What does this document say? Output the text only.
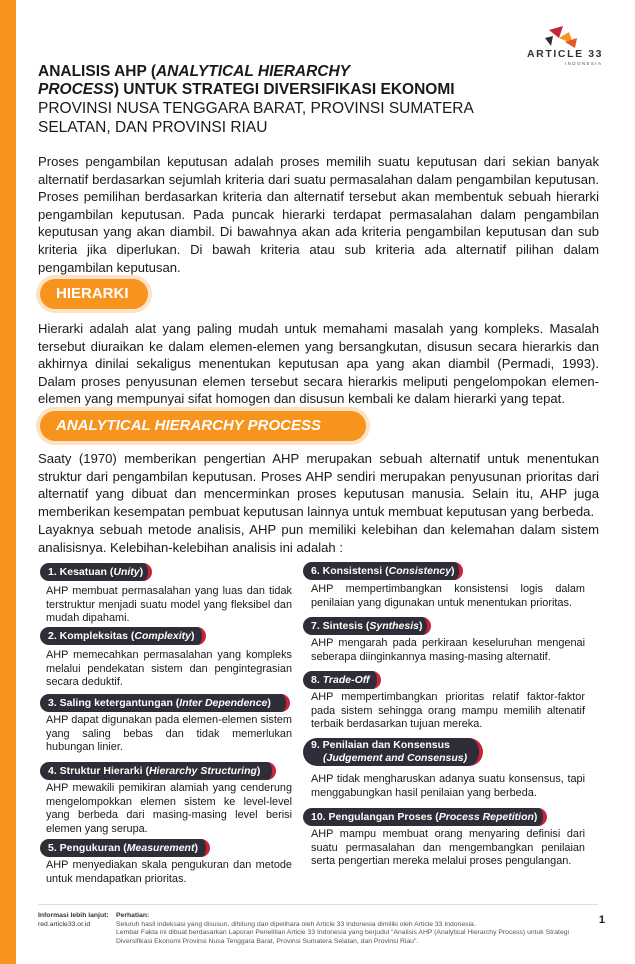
ARTICLE 33
INDONESIA
ANALISIS AHP (ANALYTICAL HIERARCHY
PROCESS) UNTUK STRATEGI DIVERSIFIKASI EKONOMI
PROVINSI NUSA TENGGARA BARAT, PROVINSI SUMATERA
SELATAN, DAN PROVINSI RIAU

Proses pengambilan keputusan adalah proses memilih suatu keputusan dari sekian banyak alternatif berdasarkan sejumlah kriteria dari suatu permasalahan dalam pengambilan keputusan. Proses pemilihan berdasarkan kriteria dan alternatif tersebut akan membentuk sebuah hierarki pengambilan keputusan. Pada puncak hierarki terdapat permasalahan dalam pengambilan keputusan yang akan diambil. Di bawahnya akan ada kriteria pengambilan keputusan dan sub kriteria jika diperlukan. Di bawah kriteria atau sub kriteria ada alternatif pilihan dalam pengambilan keputusan.

HIERARKI

Hierarki adalah alat yang paling mudah untuk memahami masalah yang kompleks. Masalah tersebut diuraikan ke dalam elemen-elemen yang bersangkutan, disusun secara hierarkis dan akhirnya dinilai sekaligus menentukan keputusan apa yang akan diambil (Permadi, 1993). Dalam proses penyusunan elemen tersebut secara hierarkis meliputi pengelompokan elemen-elemen yang mempunyai sifat homogen dan disusun kembali ke dalam hierarki yang tepat.

ANALYTICAL HIERARCHY PROCESS

Saaty (1970) memberikan pengertian AHP merupakan sebuah alternatif untuk menentukan struktur dari pengambilan keputusan. Proses AHP sendiri merupakan penyusunan prioritas dari alternatif yang dibuat dan mencerminkan proses keputusan manusia. Selain itu, AHP juga memberikan kesempatan pembuat keputusan lainnya untuk membuat keputusan yang berbeda.

Layaknya sebuah metode analisis, AHP pun memiliki kelebihan dan kelemahan dalam sistem analisisnya. Kelebihan-kelebihan analisis ini adalah :

1. Kesatuan (Unity)

AHP membuat permasalahan yang luas dan tidak terstruktur menjadi suatu model yang fleksibel dan mudah dipahami.

2. Kompleksitas (Complexity)

AHP memecahkan permasalahan yang kompleks melalui pendekatan sistem dan pengintegrasian secara deduktif.

3. Saling ketergantungan (Inter Dependence)

AHP dapat digunakan pada elemen-elemen sistem yang saling bebas dan tidak memerlukan hubungan linier.

4. Struktur Hierarki (Hierarchy Structuring)

AHP mewakili pemikiran alamiah yang cenderung mengelompokkan elemen sistem ke level-level yang berbeda dari masing-masing level berisi elemen yang serupa.

5. Pengukuran (Measurement)

AHP menyediakan skala pengukuran dan metode untuk mendapatkan prioritas.

6. Konsistensi (Consistency)

AHP mempertimbangkan konsistensi logis dalam penilaian yang digunakan untuk menentukan prioritas.

7. Sintesis (Synthesis)

AHP mengarah pada perkiraan keseluruhan mengenai seberapa diinginkannya masing-masing alternatif.

8. Trade-Off

AHP mempertimbangkan prioritas relatif faktor-faktor pada sistem sehingga orang mampu memilih altenatif terbaik berdasarkan tujuan mereka.

9. Penilaian dan Konsensus
(Judgement and Consensus)

AHP tidak mengharuskan adanya suatu konsensus, tapi menggabungkan hasil penilaian yang berbeda.

10. Pengulangan Proses (Process Repetition)

AHP mampu membuat orang menyaring definisi dari suatu permasalahan dan mengembangkan penilaian serta pengertian mereka melalui proses pengulangan.

Informasi lebih lanjut:
red.article33.or.id
Perhatian:
Seluruh hasil indeksasi yang disusun, dihitung dan dipelihara oleh Article 33 Indonesia dimiliki oleh Article 33 Indonesia.
Lembar Fakta ini dibuat berdasarkan Laporan Penelitian Article 33 Indonesia yang berjudul "Analisis AHP (Analytical Hierarchy Process) untuk Strategi Diversifikasi Ekonomi Provinsi Nusa Tenggara Barat, Provinsi Sumatera Selatan, dan Provinsi Riau".
1
